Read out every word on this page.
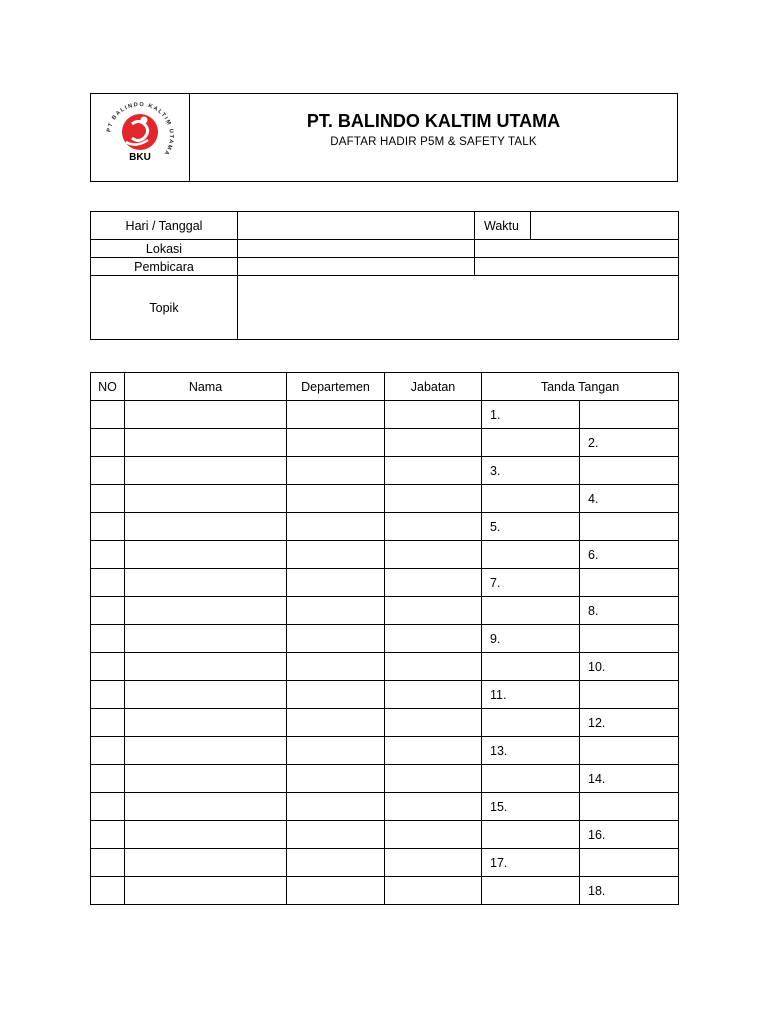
PT BALINDO KALTIM UTAMA
BKU

PT. BALINDO KALTIM UTAMA
DAFTAR HADIR P5M & SAFETY TALK
Hari / Tanggal		Waktu	
Lokasi			
Pembicara			
Topik			
NO	Nama	Departemen	Jabatan	Tanda Tangan	
				1.	
					2.
				3.	
					4.
				5.	
					6.
				7.	
					8.
				9.	
					10.
				11.	
					12.
				13.	
					14.
				15.	
					16.
				17.	
					18.
